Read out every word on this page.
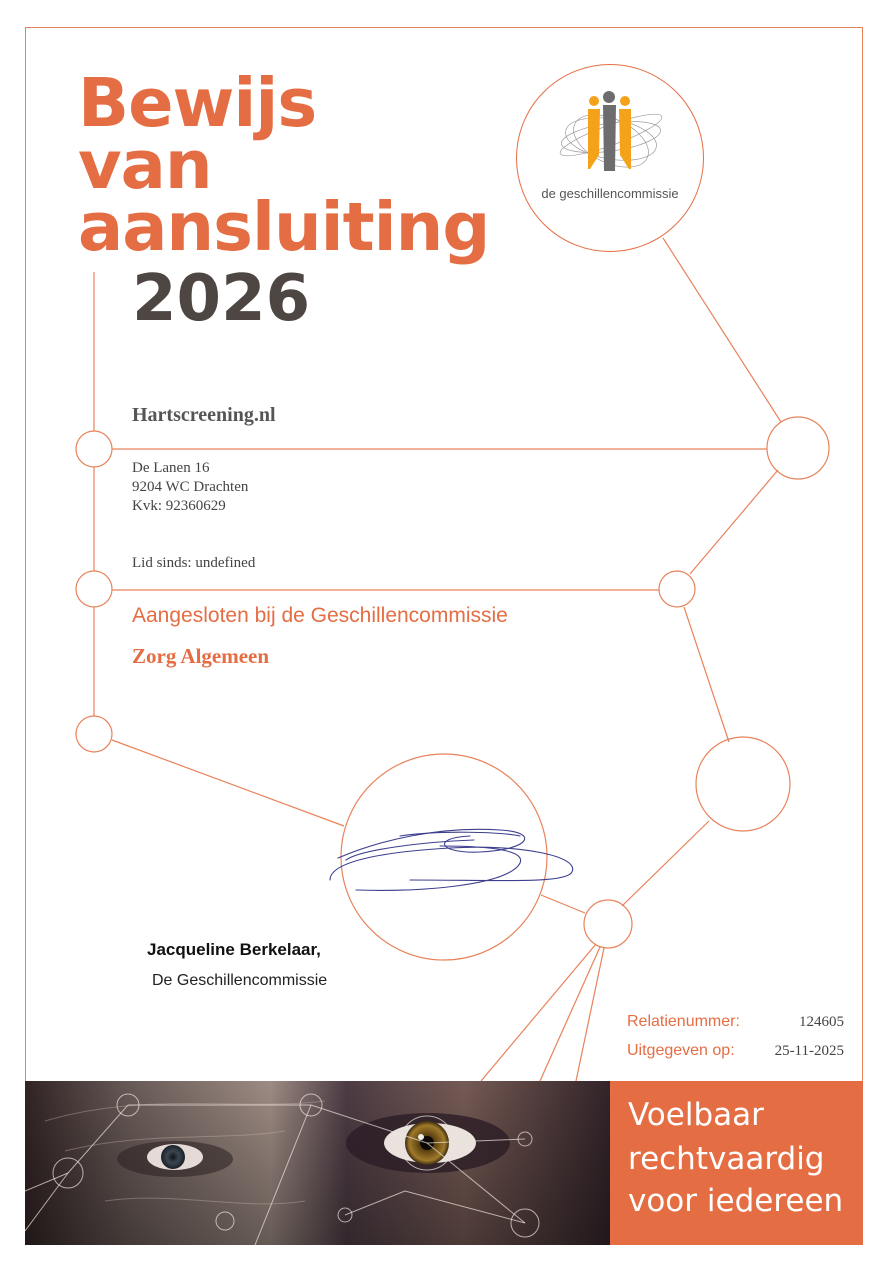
de geschillencommissie
Bewijs
van
aansluiting
2026
Hartscreening.nl
De Lanen 16
9204 WC Drachten
Kvk: 92360629
Lid sinds: undefined
Aangesloten bij de Geschillencommissie
Zorg Algemeen
Jacqueline Berkelaar,
De Geschillencommissie
Relatienummer:	124605
Uitgegeven op:	25-11-2025
Voelbaar
rechtvaardig
voor iedereen
